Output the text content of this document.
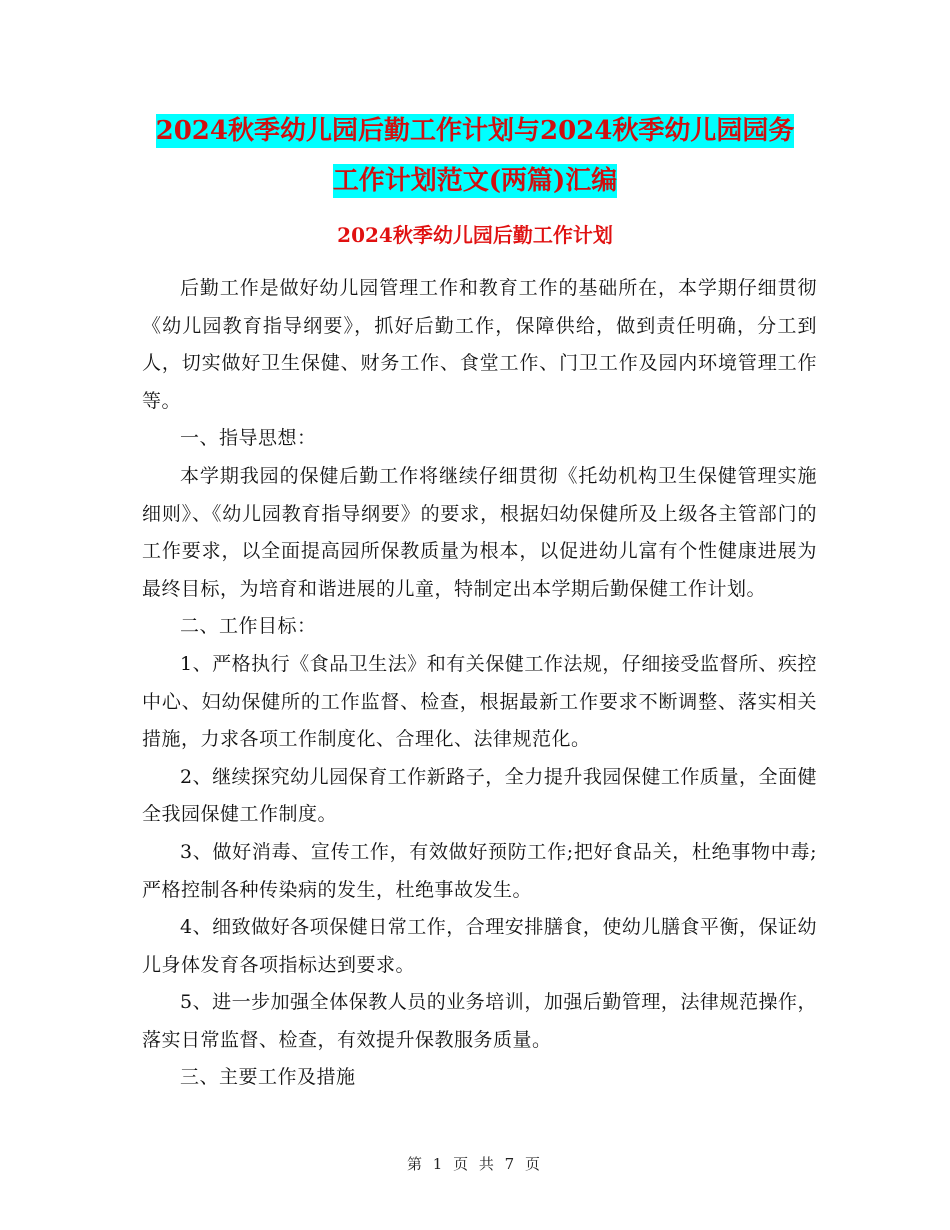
2024秋季幼儿园后勤工作计划与2024秋季幼儿园园务
工作计划范文(两篇)汇编
2024秋季幼儿园后勤工作计划

后勤工作是做好幼儿园管理工作和教育工作的基础所在，本学期仔细贯彻《幼儿园教育指导纲要》，抓好后勤工作，保障供给，做到责任明确，分工到人，切实做好卫生保健、财务工作、食堂工作、门卫工作及园内环境管理工作等。

一、指导思想：

本学期我园的保健后勤工作将继续仔细贯彻《托幼机构卫生保健管理实施细则》、《幼儿园教育指导纲要》的要求，根据妇幼保健所及上级各主管部门的工作要求，以全面提高园所保教质量为根本，以促进幼儿富有个性健康进展为最终目标，为培育和谐进展的儿童，特制定出本学期后勤保健工作计划。

二、工作目标：

1、严格执行《食品卫生法》和有关保健工作法规，仔细接受监督所、疾控中心、妇幼保健所的工作监督、检查，根据最新工作要求不断调整、落实相关措施，力求各项工作制度化、合理化、法律规范化。

2、继续探究幼儿园保育工作新路子，全力提升我园保健工作质量，全面健全我园保健工作制度。

3、做好消毒、宣传工作，有效做好预防工作;把好食品关，杜绝事物中毒;严格控制各种传染病的发生，杜绝事故发生。

4、细致做好各项保健日常工作，合理安排膳食，使幼儿膳食平衡，保证幼儿身体发育各项指标达到要求。

5、进一步加强全体保教人员的业务培训，加强后勤管理，法律规范操作，落实日常监督、检查，有效提升保教服务质量。

三、主要工作及措施

第 1 页 共 7 页
